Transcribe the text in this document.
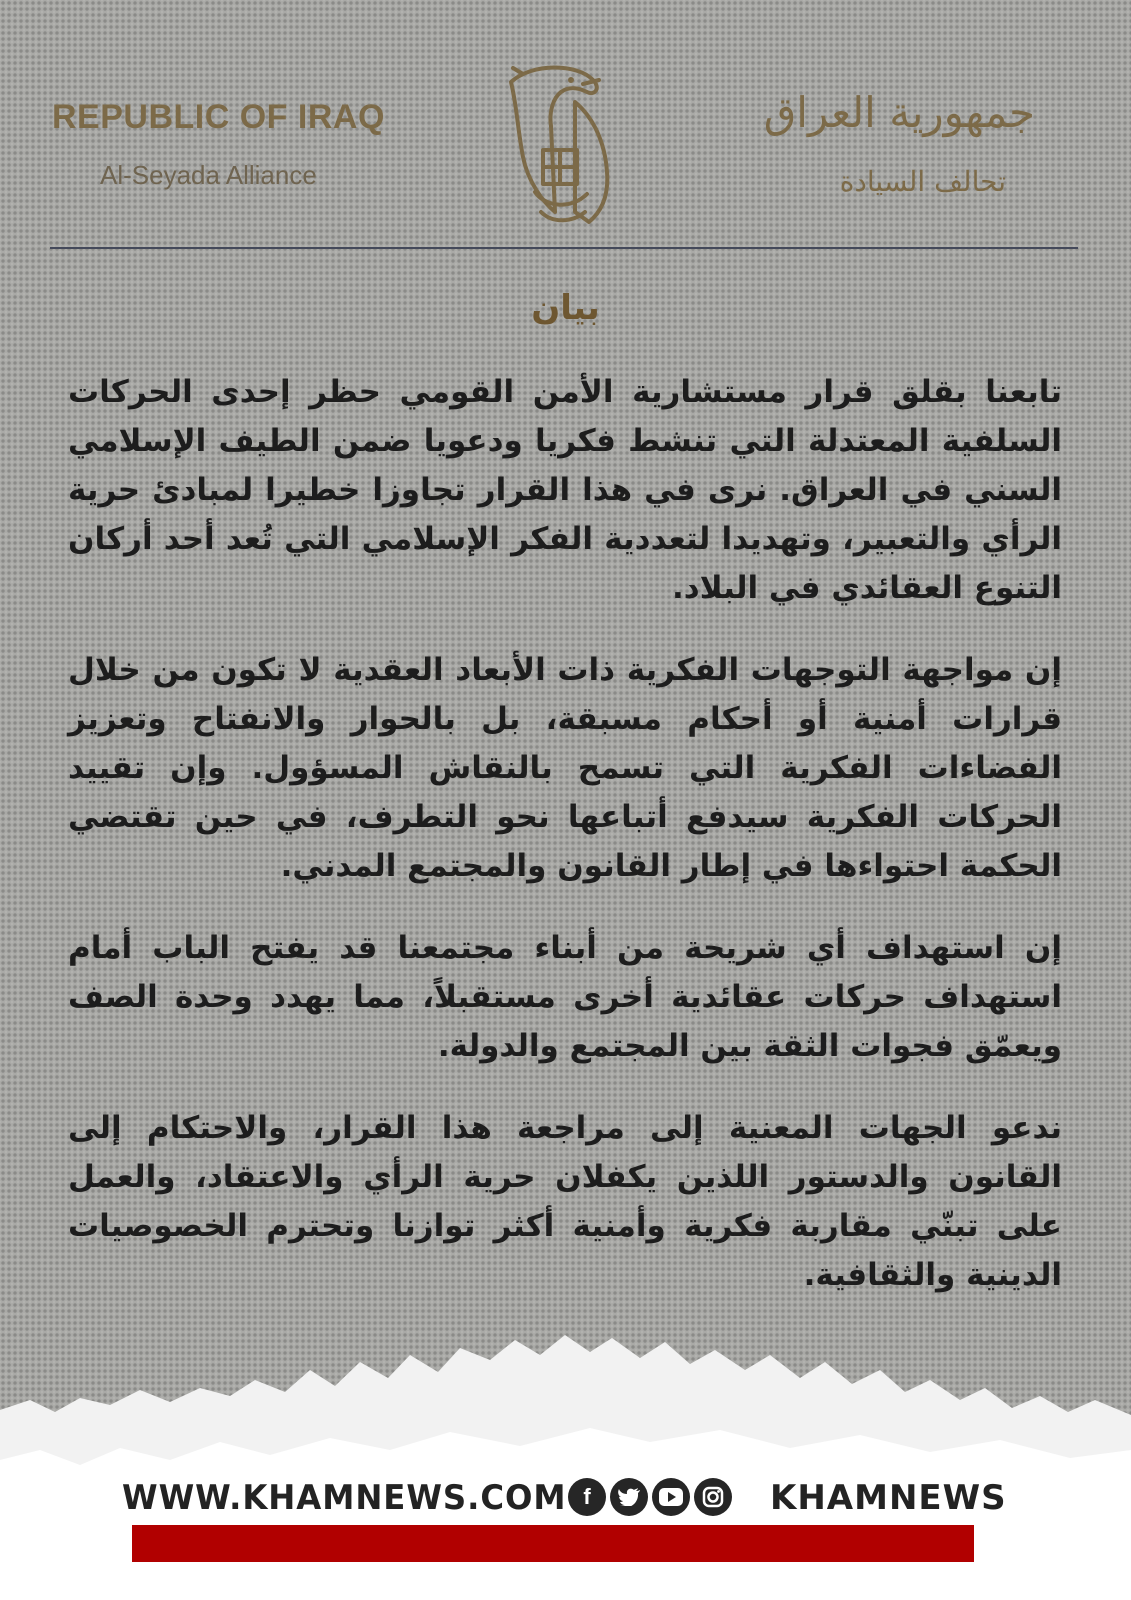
REPUBLIC OF IRAQ
Al-Seyada Alliance
جمهورية العراق
تحالف السيادة
بيان

تابعنا بقلق قرار مستشارية الأمن القومي حظر إحدى الحركات السلفية المعتدلة التي تنشط فكريا ودعويا ضمن الطيف الإسلامي السني في العراق. نرى في هذا القرار تجاوزا خطيرا لمبادئ حرية الرأي والتعبير، وتهديدا لتعددية الفكر الإسلامي التي تُعد أحد أركان التنوع العقائدي في البلاد.

إن مواجهة التوجهات الفكرية ذات الأبعاد العقدية لا تكون من خلال قرارات أمنية أو أحكام مسبقة، بل بالحوار والانفتاح وتعزيز الفضاءات الفكرية التي تسمح بالنقاش المسؤول. وإن تقييد الحركات الفكرية سيدفع أتباعها نحو التطرف، في حين تقتضي الحكمة احتواءها في إطار القانون والمجتمع المدني.

إن استهداف أي شريحة من أبناء مجتمعنا قد يفتح الباب أمام استهداف حركات عقائدية أخرى مستقبلاً، مما يهدد وحدة الصف ويعمّق فجوات الثقة بين المجتمع والدولة.

ندعو الجهات المعنية إلى مراجعة هذا القرار، والاحتكام إلى القانون والدستور اللذين يكفلان حرية الرأي والاعتقاد، والعمل على تبنّي مقاربة فكرية وأمنية أكثر توازنا وتحترم الخصوصيات الدينية والثقافية.

WWW.KHAMNEWS.COM f	KHAMNEWS
